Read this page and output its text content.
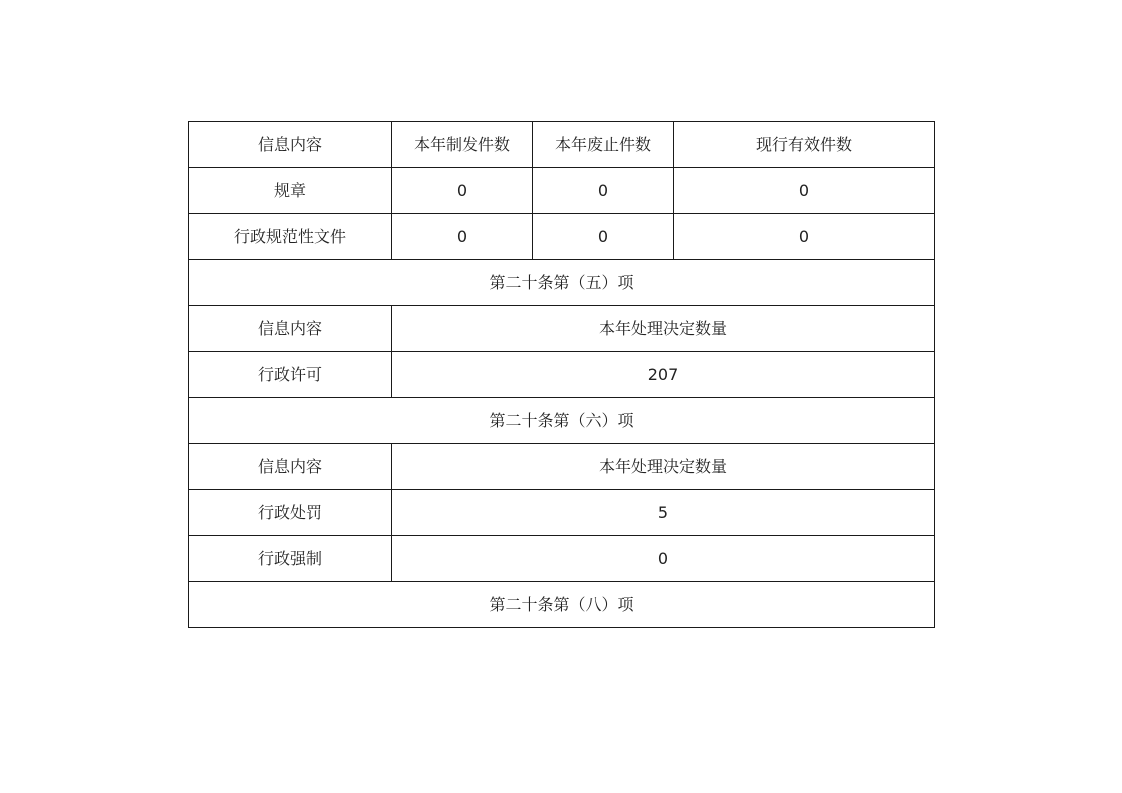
信息内容	本年制发件数	本年废止件数	现行有效件数
规章	0	0	0
行政规范性文件	0	0	0
第二十条第（五）项			
信息内容	本年处理决定数量		
行政许可	207		
第二十条第（六）项			
信息内容	本年处理决定数量		
行政处罚	5		
行政强制	0		
第二十条第（八）项			
